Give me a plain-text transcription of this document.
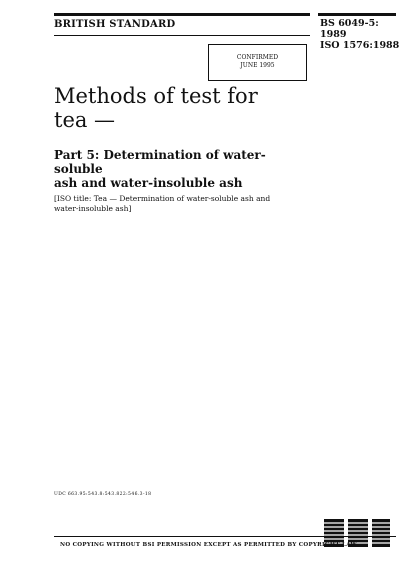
BRITISH STANDARD	BS 6049-5:
1989
ISO 1576:1988
CONFIRMED
JUNE 1995
Methods of test for
tea —
Part 5: Determination of water-soluble
ash and water-insoluble ash
[ISO title: Tea — Determination of water-soluble ash and
water-insoluble ash]
UDC 663.95:543.8:543.822:546.3-18
NO COPYING WITHOUT BSI PERMISSION EXCEPT AS PERMITTED BY COPYRIGHT LAW
